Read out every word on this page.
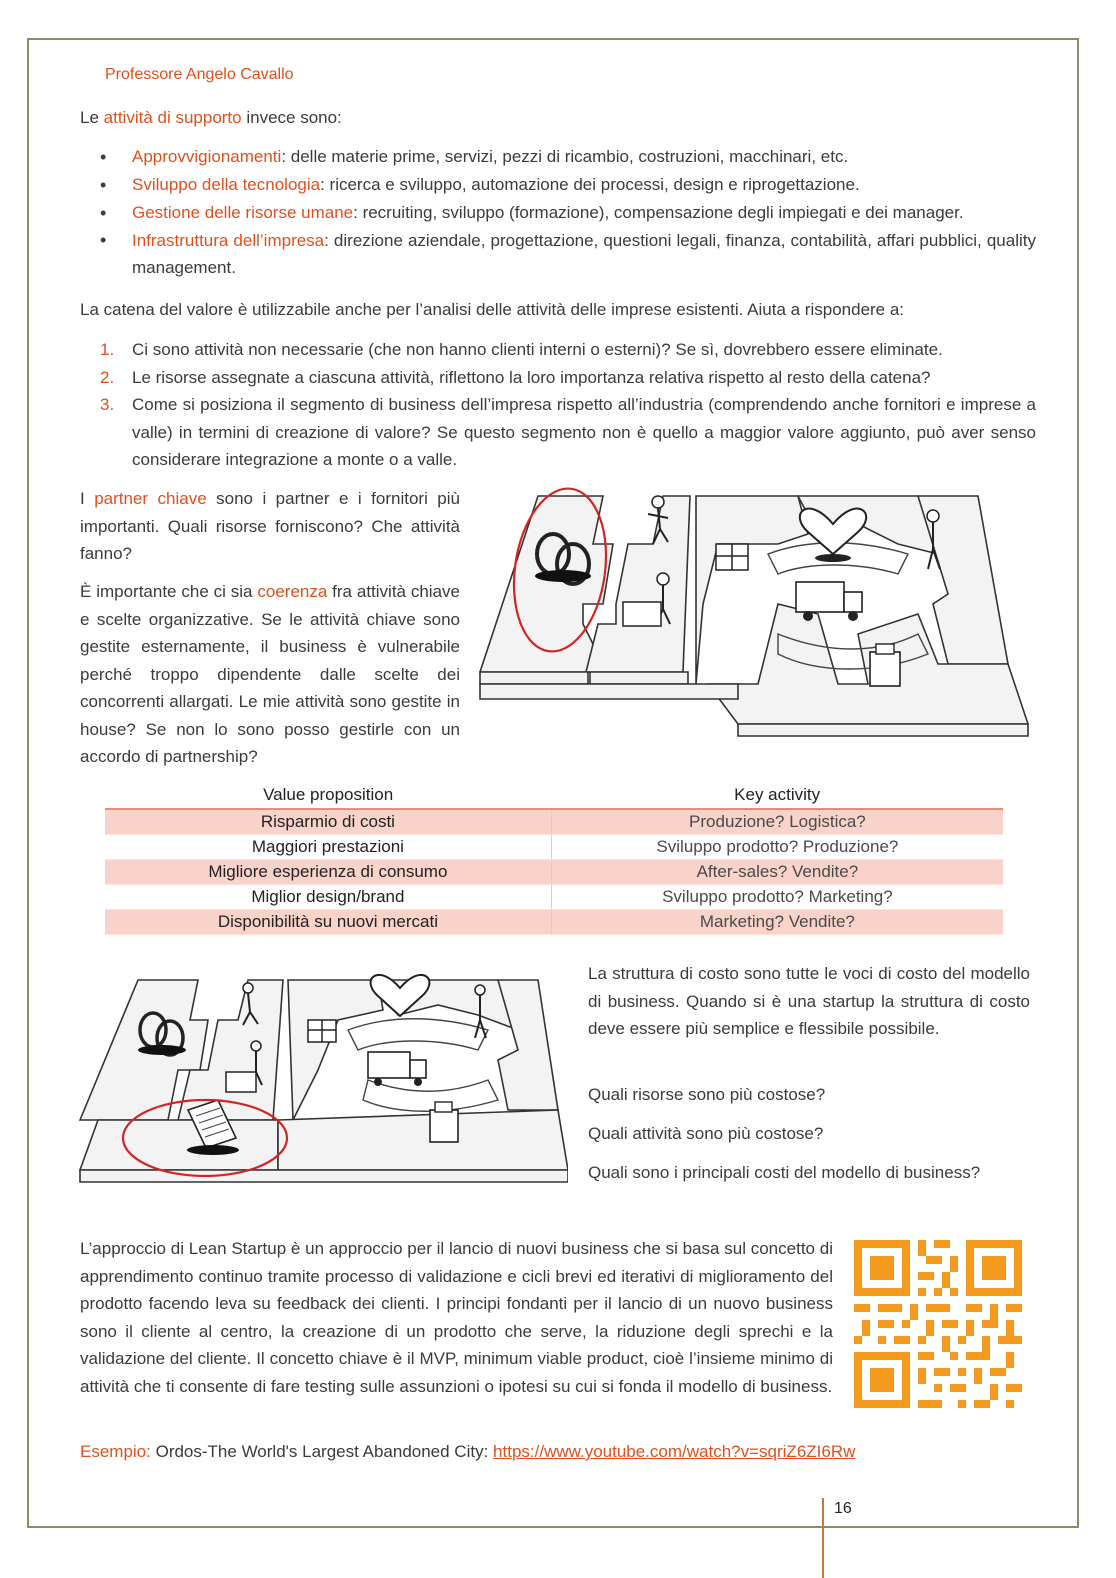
Professore Angelo Cavallo
Le attività di supporto invece sono:
• Approvvigionamenti: delle materie prime, servizi, pezzi di ricambio, costruzioni, macchinari, etc.
• Sviluppo della tecnologia: ricerca e sviluppo, automazione dei processi, design e riprogettazione.
• Gestione delle risorse umane: recruiting, sviluppo (formazione), compensazione degli impiegati e dei manager.
• Infrastruttura dell’impresa: direzione aziendale, progettazione, questioni legali, finanza, contabilità, affari pubblici, quality management.
La catena del valore è utilizzabile anche per l’analisi delle attività delle imprese esistenti. Aiuta a rispondere a:
1.	Ci sono attività non necessarie (che non hanno clienti interni o esterni)? Se sì, dovrebbero essere eliminate.
2.	Le risorse assegnate a ciascuna attività, riflettono la loro importanza relativa rispetto al resto della catena?
3.	Come si posiziona il segmento di business dell’impresa rispetto all’industria (comprendendo anche fornitori e imprese a valle) in termini di creazione di valore? Se questo segmento non è quello a maggior valore aggiunto, può aver senso considerare integrazione a monte o a valle.
I partner chiave sono i partner e i fornitori più importanti. Quali risorse forniscono? Che attività fanno?
È importante che ci sia coerenza fra attività chiave e scelte organizzative. Se le attività chiave sono gestite esternamente, il business è vulnerabile perché troppo dipendente dalle scelte dei concorrenti allargati. Le mie attività sono gestite in house? Se non lo sono posso gestirle con un accordo di partnership?
Value proposition	Key activity
Risparmio di costi	Produzione? Logistica?
Maggiori prestazioni	Sviluppo prodotto? Produzione?
Migliore esperienza di consumo	After-sales? Vendite?
Miglior design/brand	Sviluppo prodotto? Marketing?
Disponibilità su nuovi mercati	Marketing? Vendite?
La struttura di costo sono tutte le voci di costo del modello di business. Quando si è una startup la struttura di costo deve essere più semplice e flessibile possibile.
Quali risorse sono più costose?
Quali attività sono più costose?
Quali sono i principali costi del modello di business?
L’approccio di Lean Startup è un approccio per il lancio di nuovi business che si basa sul concetto di apprendimento continuo tramite processo di validazione e cicli brevi ed iterativi di miglioramento del prodotto facendo leva su feedback dei clienti. I principi fondanti per il lancio di un nuovo business sono il cliente al centro, la creazione di un prodotto che serve, la riduzione degli sprechi e la validazione del cliente. Il concetto chiave è il MVP, minimum viable product, cioè l’insieme minimo di attività che ti consente di fare testing sulle assunzioni o ipotesi su cui si fonda il modello di business.
Esempio: Ordos-The World's Largest Abandoned City: https://www.youtube.com/watch?v=sqriZ6ZI6Rw
16
